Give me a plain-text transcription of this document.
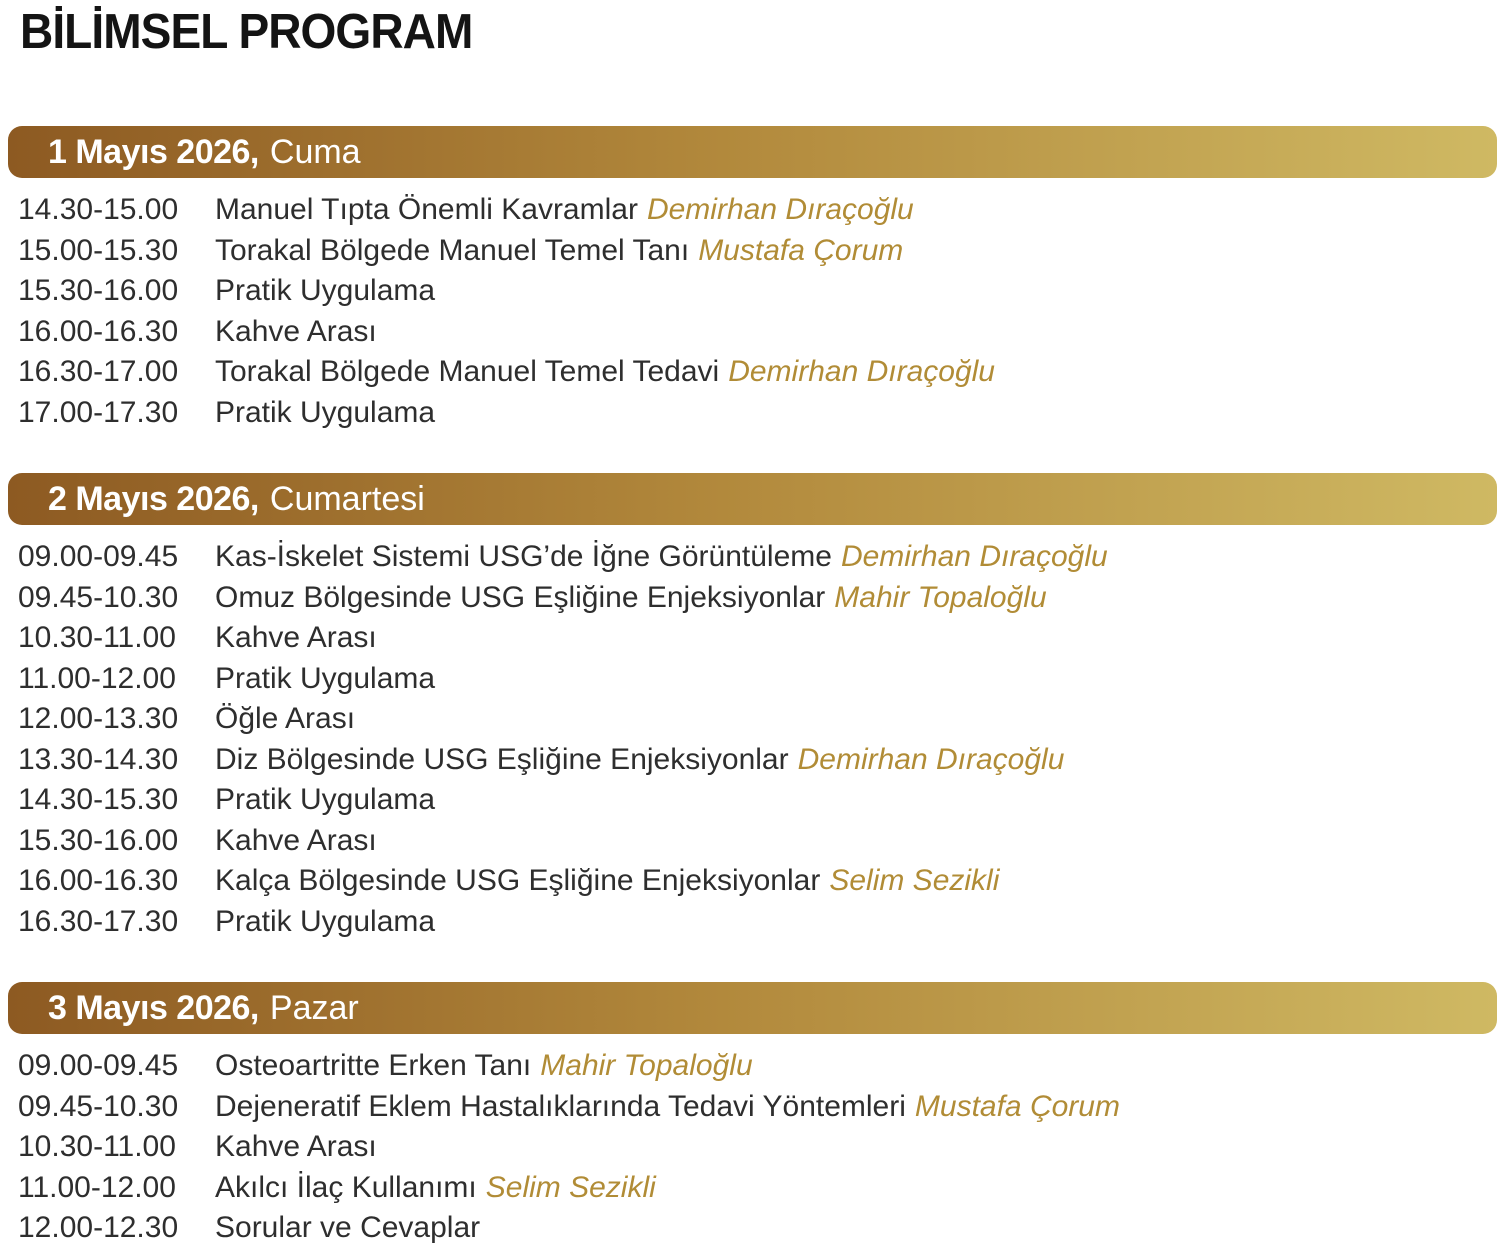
BİLİMSEL PROGRAM
1 Mayıs 2026, Cuma
14.30-15.00	Manuel Tıpta Önemli Kavramlar Demirhan Dıraçoğlu
15.00-15.30	Torakal Bölgede Manuel Temel Tanı Mustafa Çorum
15.30-16.00	Pratik Uygulama
16.00-16.30	Kahve Arası
16.30-17.00	Torakal Bölgede Manuel Temel Tedavi Demirhan Dıraçoğlu
17.00-17.30	Pratik Uygulama
2 Mayıs 2026, Cumartesi
09.00-09.45	Kas-İskelet Sistemi USG’de İğne Görüntüleme Demirhan Dıraçoğlu
09.45-10.30	Omuz Bölgesinde USG Eşliğine Enjeksiyonlar Mahir Topaloğlu
10.30-11.00	Kahve Arası
11.00-12.00	Pratik Uygulama
12.00-13.30	Öğle Arası
13.30-14.30	Diz Bölgesinde USG Eşliğine Enjeksiyonlar Demirhan Dıraçoğlu
14.30-15.30	Pratik Uygulama
15.30-16.00	Kahve Arası
16.00-16.30	Kalça Bölgesinde USG Eşliğine Enjeksiyonlar Selim Sezikli
16.30-17.30	Pratik Uygulama
3 Mayıs 2026, Pazar
09.00-09.45	Osteoartritte Erken Tanı Mahir Topaloğlu
09.45-10.30	Dejeneratif Eklem Hastalıklarında Tedavi Yöntemleri Mustafa Çorum
10.30-11.00	Kahve Arası
11.00-12.00	Akılcı İlaç Kullanımı Selim Sezikli
12.00-12.30	Sorular ve Cevaplar
